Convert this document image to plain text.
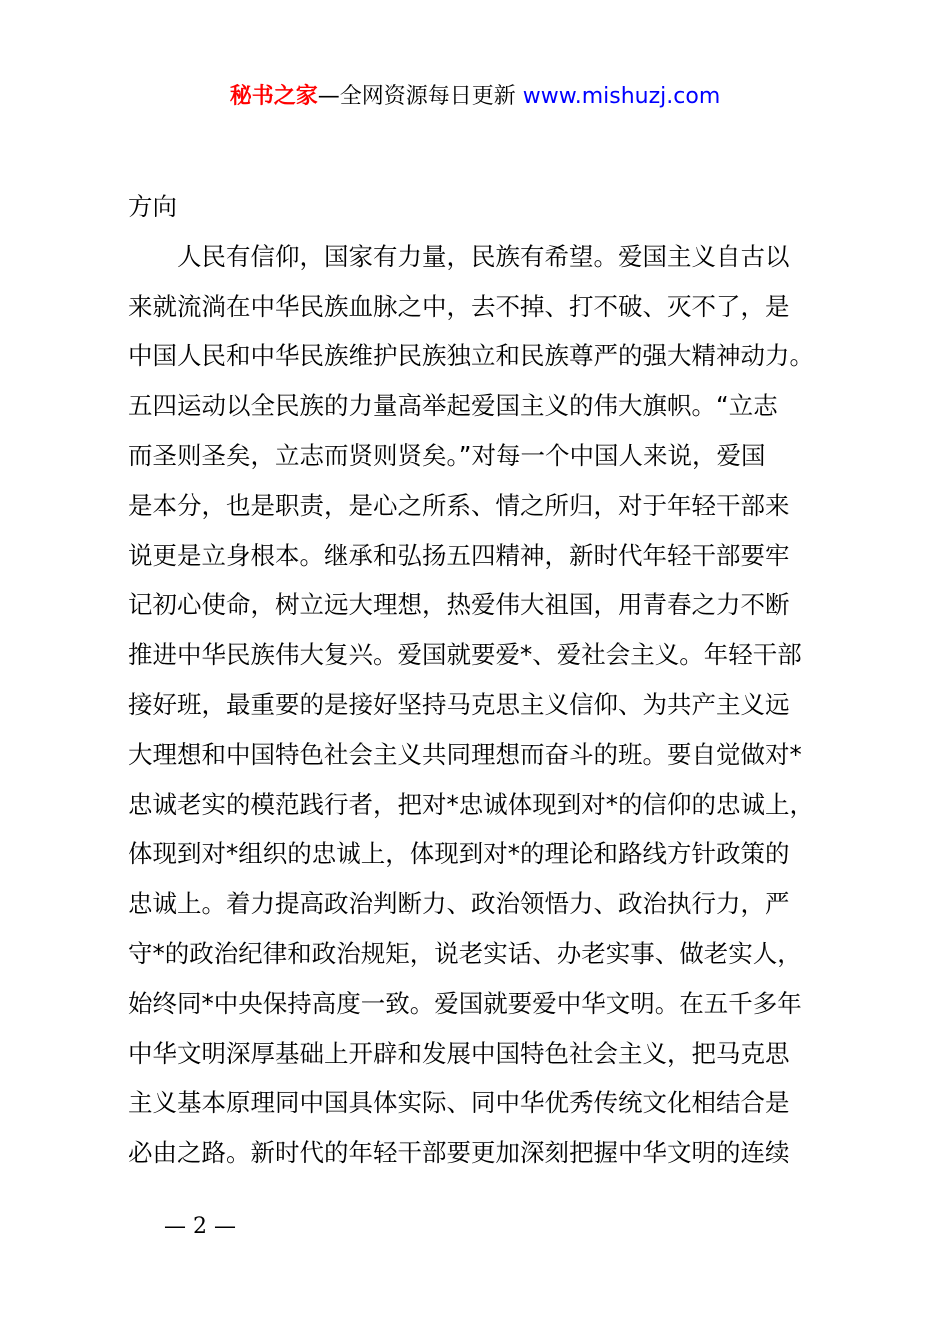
秘书之家—全网资源每日更新 www.mishuzj.com
方向
人民有信仰，国家有力量，民族有希望。爱国主义自古以
来就流淌在中华民族血脉之中，去不掉、打不破、灭不了，是
中国人民和中华民族维护民族独立和民族尊严的强大精神动力。
五四运动以全民族的力量高举起爱国主义的伟大旗帜。“立志
而圣则圣矣，立志而贤则贤矣。”对每一个中国人来说，爱国
是本分，也是职责，是心之所系、情之所归，对于年轻干部来
说更是立身根本。继承和弘扬五四精神，新时代年轻干部要牢
记初心使命，树立远大理想，热爱伟大祖国，用青春之力不断
推进中华民族伟大复兴。爱国就要爱*、爱社会主义。年轻干部
接好班，最重要的是接好坚持马克思主义信仰、为共产主义远
大理想和中国特色社会主义共同理想而奋斗的班。要自觉做对*
忠诚老实的模范践行者，把对*忠诚体现到对*的信仰的忠诚上，
体现到对*组织的忠诚上，体现到对*的理论和路线方针政策的
忠诚上。着力提高政治判断力、政治领悟力、政治执行力，严
守*的政治纪律和政治规矩，说老实话、办老实事、做老实人，
始终同*中央保持高度一致。爱国就要爱中华文明。在五千多年
中华文明深厚基础上开辟和发展中国特色社会主义，把马克思
主义基本原理同中国具体实际、同中华优秀传统文化相结合是
必由之路。新时代的年轻干部要更加深刻把握中华文明的连续
— 2 —
